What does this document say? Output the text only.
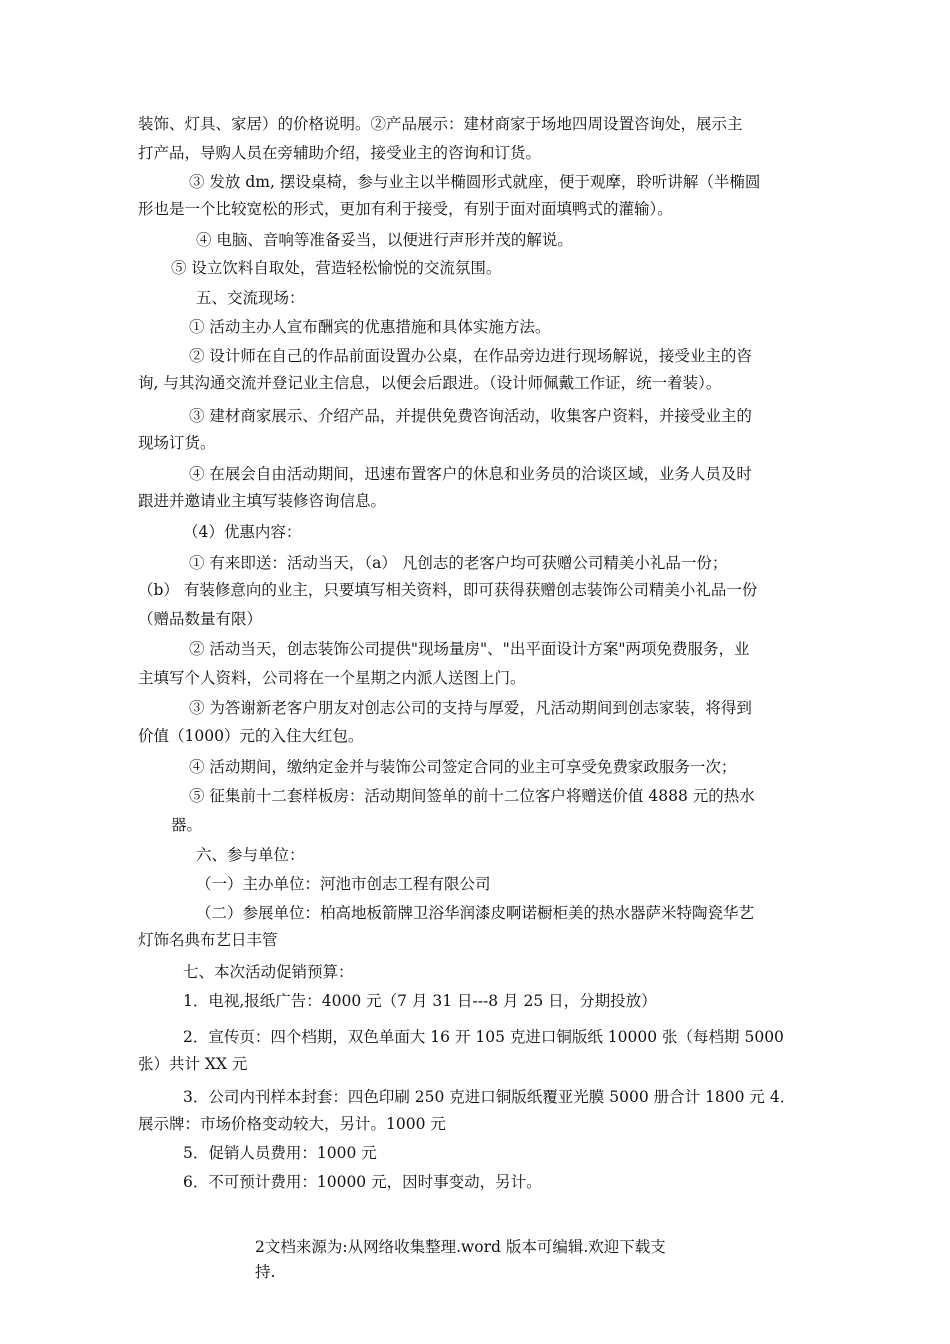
装饰、灯具、家居）的价格说明。②产品展示：建材商家于场地四周设置咨询处，展示主
打产品，导购人员在旁辅助介绍，接受业主的咨询和订货。
③ 发放 dm, 摆设桌椅，参与业主以半椭圆形式就座，便于观摩，聆听讲解（半椭圆
形也是一个比较宽松的形式，更加有利于接受，有别于面对面填鸭式的灌输）。
④ 电脑、音响等准备妥当，以便进行声形并茂的解说。
⑤ 设立饮料自取处，营造轻松愉悦的交流氛围。
五、交流现场：
① 活动主办人宣布酬宾的优惠措施和具体实施方法。
② 设计师在自己的作品前面设置办公桌，在作品旁边进行现场解说，接受业主的咨
询, 与其沟通交流并登记业主信息，以便会后跟进。（设计师佩戴工作证，统一着装）。
③ 建材商家展示、介绍产品，并提供免费咨询活动，收集客户资料，并接受业主的
现场订货。
④ 在展会自由活动期间，迅速布置客户的休息和业务员的洽谈区域，业务人员及时
跟进并邀请业主填写装修咨询信息。
（4）优惠内容：
① 有来即送：活动当天，（a） 凡创志的老客户均可获赠公司精美小礼品一份；
（b） 有装修意向的业主，只要填写相关资料，即可获得获赠创志装饰公司精美小礼品一份
（赠品数量有限）
② 活动当天，创志装饰公司提供"现场量房"、"出平面设计方案"两项免费服务，业
主填写个人资料，公司将在一个星期之内派人送图上门。
③ 为答谢新老客户朋友对创志公司的支持与厚爱，凡活动期间到创志家装，将得到
价值（1000）元的入住大红包。
④ 活动期间，缴纳定金并与装饰公司签定合同的业主可享受免费家政服务一次；
⑤ 征集前十二套样板房：活动期间签单的前十二位客户将赠送价值 4888 元的热水
器。
六、参与单位：
（一）主办单位：河池市创志工程有限公司
（二）参展单位：柏高地板箭牌卫浴华润漆皮啊诺橱柜美的热水器萨米特陶瓷华艺
灯饰名典布艺日丰管
七、本次活动促销预算：
1．电视,报纸广告：4000 元（7 月 31 日---8 月 25 日，分期投放）
2．宣传页：四个档期，双色单面大 16 开 105 克进口铜版纸 10000 张（每档期 5000
张）共计 XX 元
3．公司内刊样本封套：四色印刷 250 克进口铜版纸覆亚光膜 5000 册合计 1800 元 4．
展示牌：市场价格变动较大，另计。1000 元
5．促销人员费用：1000 元
6．不可预计费用：10000 元，因时事变动，另计。
2文档来源为:从网络收集整理.word 版本可编辑.欢迎下载支
持.
